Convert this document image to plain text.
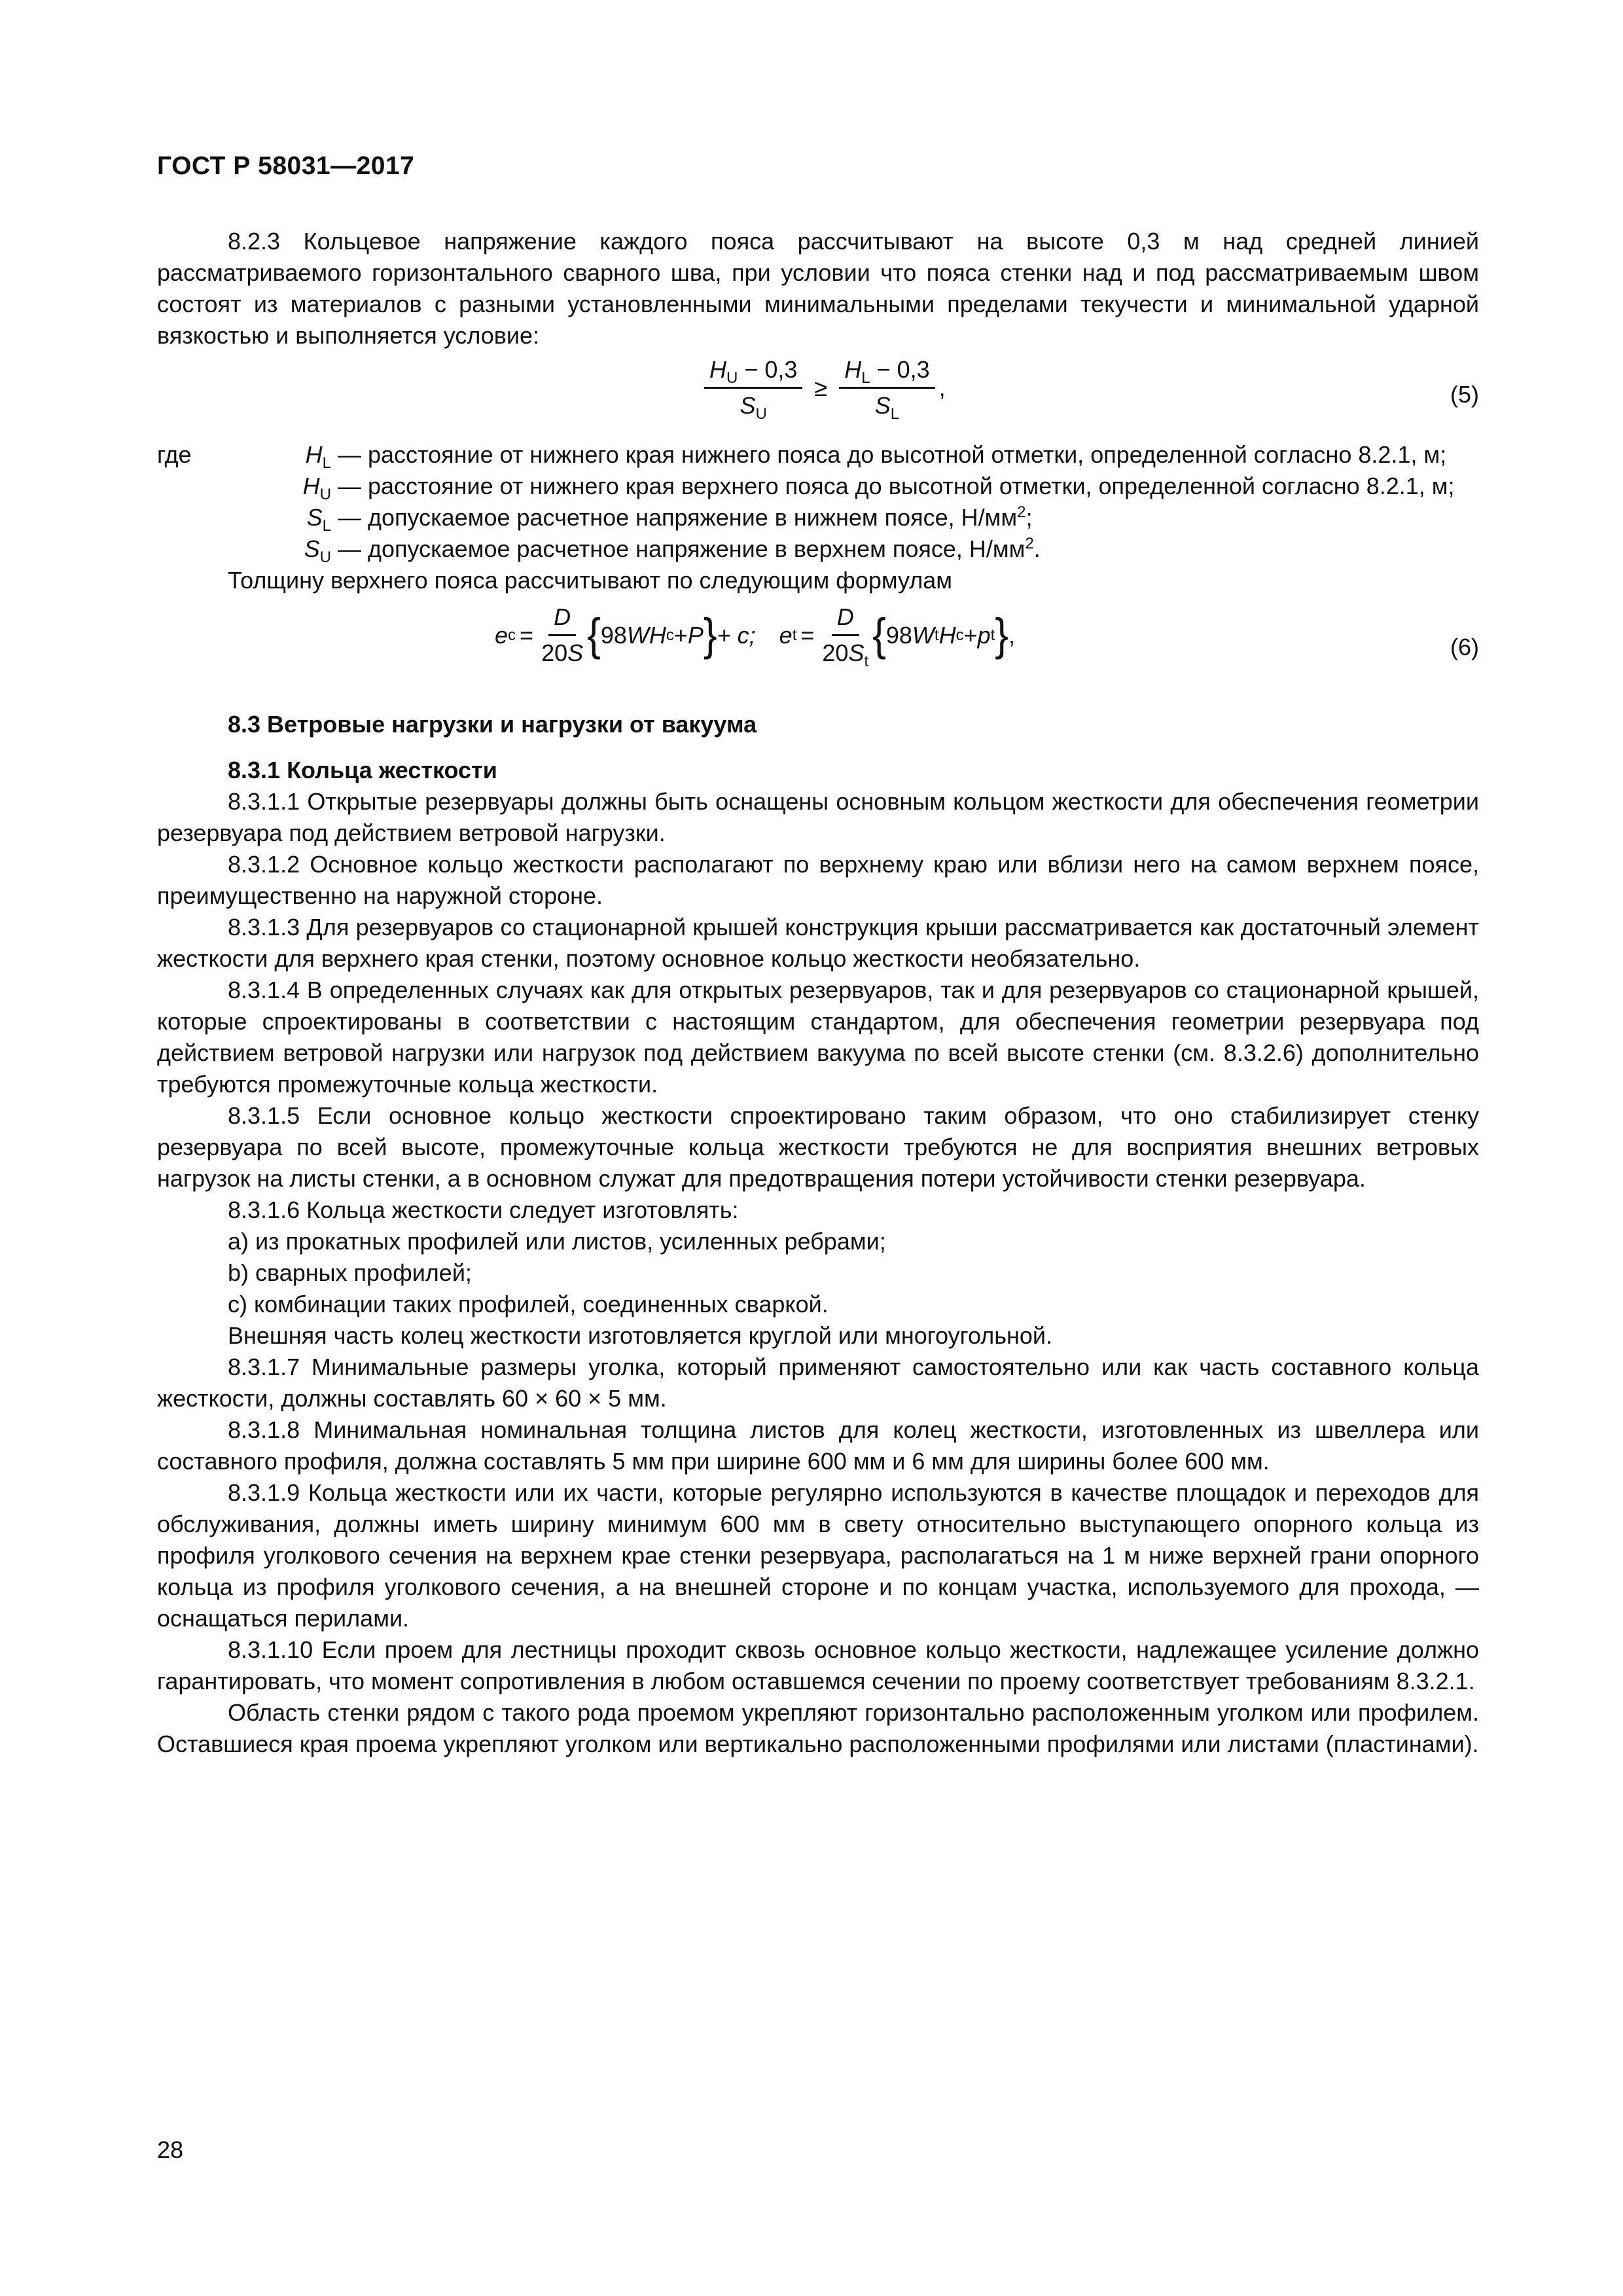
ГОСТ Р 58031—2017

8.2.3 Кольцевое напряжение каждого пояса рассчитывают на высоте 0,3 м над средней линией рассматриваемого горизонтального сварного шва, при условии что пояса стенки над и под рассматриваемым швом состоят из материалов с разными установленными минимальными пределами текучести и минимальной ударной вязкостью и выполняется условие:

$\frac{H_U - 0,3}{S_U} \ge \frac{H_L - 0,3}{S_L}$ ,	(5)
где	$H_L$ — расстояние от нижнего края нижнего пояса до высотной отметки, определенной согласно 8.2.1, м;
$H_U$ — расстояние от нижнего края верхнего пояса до высотной отметки, определенной согласно 8.2.1, м;
$S_L$ — допускаемое расчетное напряжение в нижнем поясе, $Н/мм^2$;
$S_U$ — допускаемое расчетное напряжение в верхнем поясе, $Н/мм^2$.

Толщину верхнего пояса рассчитывают по следующим формулам

e $c = \frac{D}{20S}$ { 98 WH c + P } + c; e $t = \frac{D}{20S_t}$ { 98 W t H c + p t } ,	(6)
8.3 Ветровые нагрузки и нагрузки от вакуума
8.3.1 Кольца жесткости

8.3.1.1 Открытые резервуары должны быть оснащены основным кольцом жесткости для обеспечения геометрии резервуара под действием ветровой нагрузки.

8.3.1.2 Основное кольцо жесткости располагают по верхнему краю или вблизи него на самом верхнем поясе, преимущественно на наружной стороне.

8.3.1.3 Для резервуаров со стационарной крышей конструкция крыши рассматривается как достаточный элемент жесткости для верхнего края стенки, поэтому основное кольцо жесткости необязательно.

8.3.1.4 В определенных случаях как для открытых резервуаров, так и для резервуаров со стационарной крышей, которые спроектированы в соответствии с настоящим стандартом, для обеспечения геометрии резервуара под действием ветровой нагрузки или нагрузок под действием вакуума по всей высоте стенки (см. 8.3.2.6) дополнительно требуются промежуточные кольца жесткости.

8.3.1.5 Если основное кольцо жесткости спроектировано таким образом, что оно стабилизирует стенку резервуара по всей высоте, промежуточные кольца жесткости требуются не для восприятия внешних ветровых нагрузок на листы стенки, а в основном служат для предотвращения потери устойчивости стенки резервуара.

8.3.1.6 Кольца жесткости следует изготовлять:

a) из прокатных профилей или листов, усиленных ребрами;

b) сварных профилей;

c) комбинации таких профилей, соединенных сваркой.

Внешняя часть колец жесткости изготовляется круглой или многоугольной.

8.3.1.7 Минимальные размеры уголка, который применяют самостоятельно или как часть составного кольца жесткости, должны составлять 60 × 60 × 5 мм.

8.3.1.8 Минимальная номинальная толщина листов для колец жесткости, изготовленных из швеллера или составного профиля, должна составлять 5 мм при ширине 600 мм и 6 мм для ширины более 600 мм.

8.3.1.9 Кольца жесткости или их части, которые регулярно используются в качестве площадок и переходов для обслуживания, должны иметь ширину минимум 600 мм в свету относительно выступающего опорного кольца из профиля уголкового сечения на верхнем крае стенки резервуара, располагаться на 1 м ниже верхней грани опорного кольца из профиля уголкового сечения, а на внешней стороне и по концам участка, используемого для прохода, — оснащаться перилами.

8.3.1.10 Если проем для лестницы проходит сквозь основное кольцо жесткости, надлежащее усиление должно гарантировать, что момент сопротивления в любом оставшемся сечении по проему соответствует требованиям 8.3.2.1.

Область стенки рядом с такого рода проемом укрепляют горизонтально расположенным уголком или профилем. Оставшиеся края проема укрепляют уголком или вертикально расположенными профилями или листами (пластинами).

28
